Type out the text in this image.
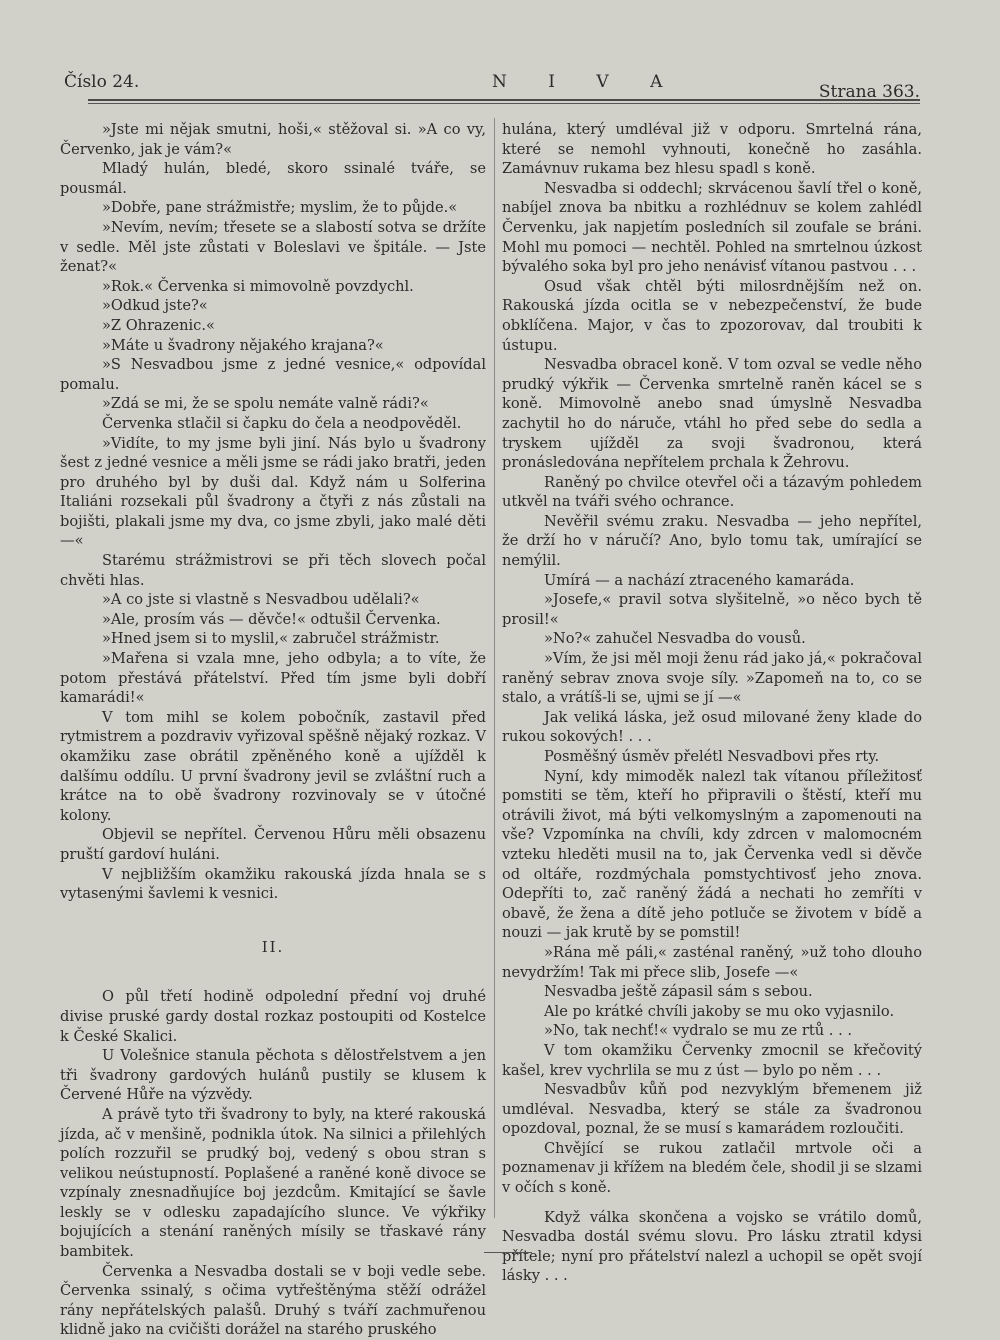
Číslo 24.	N I V A	Strana 363.

»Jste mi nějak smutni, hoši,« stěžoval si. »A co vy, Červenko, jak je vám?«

Mladý hulán, bledé, skoro ssinalé tváře, se pousmál.

»Dobře, pane strážmistře; myslim, že to půjde.«

»Nevím, nevím; třesete se a slabostí sotva se držíte v sedle. Měl jste zůstati v Boleslavi ve špitále. — Jste ženat?«

»Rok.« Červenka si mimovolně povzdychl.

»Odkud jste?«

»Z Ohrazenic.«

»Máte u švadrony nějakého krajana?«

»S Nesvadbou jsme z jedné vesnice,« odpovídal pomalu.

»Zdá se mi, že se spolu nemáte valně rádi?«

Červenka stlačil si čapku do čela a neodpověděl.

»Vidíte, to my jsme byli jiní. Nás bylo u švadrony šest z jedné vesnice a měli jsme se rádi jako bratři, jeden pro druhého byl by duši dal. Když nám u Solferina Italiáni rozsekali půl švadrony a čtyři z nás zůstali na bojišti, plakali jsme my dva, co jsme zbyli, jako malé děti —«

Starému strážmistrovi se při těch slovech počal chvěti hlas.

»A co jste si vlastně s Nesvadbou udělali?«

»Ale, prosím vás — děvče!« odtušil Červenka.

»Hned jsem si to myslil,« zabručel strážmistr.

»Mařena si vzala mne, jeho odbyla; a to víte, že potom přestává přátelství. Před tím jsme byli dobří kamarádi!«

V tom mihl se kolem pobočník, zastavil před rytmistrem a pozdraviv vyřizoval spěšně nějaký rozkaz. V okamžiku zase obrátil zpěněného koně a ujížděl k dalšímu oddílu. U první švadrony jevil se zvláštní ruch a krátce na to obě švadrony rozvinovaly se v útočné kolony.

Objevil se nepřítel. Červenou Hůru měli obsazenu pruští gardoví huláni.

V nejbližším okamžiku rakouská jízda hnala se s vytasenými šavlemi k vesnici.

II.

O půl třetí hodině odpolední přední voj druhé divise pruské gardy dostal rozkaz postoupiti od Kostelce k České Skalici.

U Volešnice stanula pěchota s dělostřelstvem a jen tři švadrony gardových hulánů pustily se klusem k Červené Hůře na výzvědy.

A právě tyto tři švadrony to byly, na které rakouská jízda, ač v menšině, podnikla útok. Na silnici a přilehlých polích rozzuřil se prudký boj, vedený s obou stran s velikou neústupností. Poplašené a raněné koně divoce se vzpínaly znesnadňujíce boj jezdcům. Kmitající se šavle leskly se v odlesku zapadajícího slunce. Ve výkřiky bojujících a stenání raněných mísily se třaskavé rány bambitek.

Červenka a Nesvadba dostali se v boji vedle sebe. Červenka ssinalý, s očima vytřeštěnýma stěží odrážel rány nepřátelských palašů. Druhý s tváří zachmuřenou klidně jako na cvičišti dorážel na starého pruského

hulána, který umdléval již v odporu. Smrtelná rána, které se nemohl vyhnouti, konečně ho zasáhla. Zamávnuv rukama bez hlesu spadl s koně.

Nesvadba si oddechl; skrvácenou šavlí třel o koně, nabíjel znova ba nbitku a rozhlédnuv se kolem zahlédl Červenku, jak napjetím posledních sil zoufale se bráni. Mohl mu pomoci — nechtěl. Pohled na smrtelnou úzkost bývalého soka byl pro jeho nenávisť vítanou pastvou . . .

Osud však chtěl býti milosrdnějším než on. Rakouská jízda ocitla se v nebezpečenství, že bude obklíčena. Major, v čas to zpozorovav, dal troubiti k ústupu.

Nesvadba obracel koně. V tom ozval se vedle něho prudký výkřik — Červenka smrtelně raněn kácel se s koně. Mimovolně anebo snad úmyslně Nesvadba zachytil ho do náruče, vtáhl ho před sebe do sedla a tryskem ujížděl za svoji švadronou, která pronásledována nepřítelem prchala k Žehrovu.

Raněný po chvilce otevřel oči a tázavým pohledem utkvěl na tváři svého ochrance.

Nevěřil svému zraku. Nesvadba — jeho nepřítel, že drží ho v náručí? Ano, bylo tomu tak, umírající se nemýlil.

Umírá — a nachází ztraceného kamaráda.

»Josefe,« pravil sotva slyšitelně, »o něco bych tě prosil!«

»No?« zahučel Nesvadba do vousů.

»Vím, že jsi měl moji ženu rád jako já,« pokračoval raněný sebrav znova svoje síly. »Zapomeň na to, co se stalo, a vrátíš-li se, ujmi se jí —«

Jak veliká láska, jež osud milované ženy klade do rukou sokových! . . .

Posměšný úsměv přelétl Nesvadbovi přes rty.

Nyní, kdy mimoděk nalezl tak vítanou příležitosť pomstiti se těm, kteří ho připravili o štěstí, kteří mu otrávili život, má býti velkomyslným a zapomenouti na vše? Vzpomínka na chvíli, kdy zdrcen v malomocném vzteku hleděti musil na to, jak Červenka vedl si děvče od oltáře, rozdmýchala pomstychtivosť jeho znova. Odepříti to, zač raněný žádá a nechati ho zemříti v obavě, že žena a dítě jeho potluče se životem v bídě a nouzi — jak krutě by se pomstil!

»Rána mě páli,« zasténal raněný, »už toho dlouho nevydržím! Tak mi přece slib, Josefe —«

Nesvadba ještě zápasil sám s sebou.

Ale po krátké chvíli jakoby se mu oko vyjasnilo.

»No, tak nechť!« vydralo se mu ze rtů . . .

V tom okamžiku Červenky zmocnil se křečovitý kašel, krev vychrlila se mu z úst — bylo po něm . . .

Nesvadbův kůň pod nezvyklým břemenem již umdléval. Nesvadba, který se stále za švadronou opozdoval, poznal, že se musí s kamarádem rozloučiti.

Chvějící se rukou zatlačil mrtvole oči a poznamenav ji křížem na bledém čele, shodil ji se slzami v očích s koně.

Když válka skončena a vojsko se vrátilo domů, Nesvadba dostál svému slovu. Pro lásku ztratil kdysi přítele; nyní pro přátelství nalezl a uchopil se opět svojí lásky . . .
